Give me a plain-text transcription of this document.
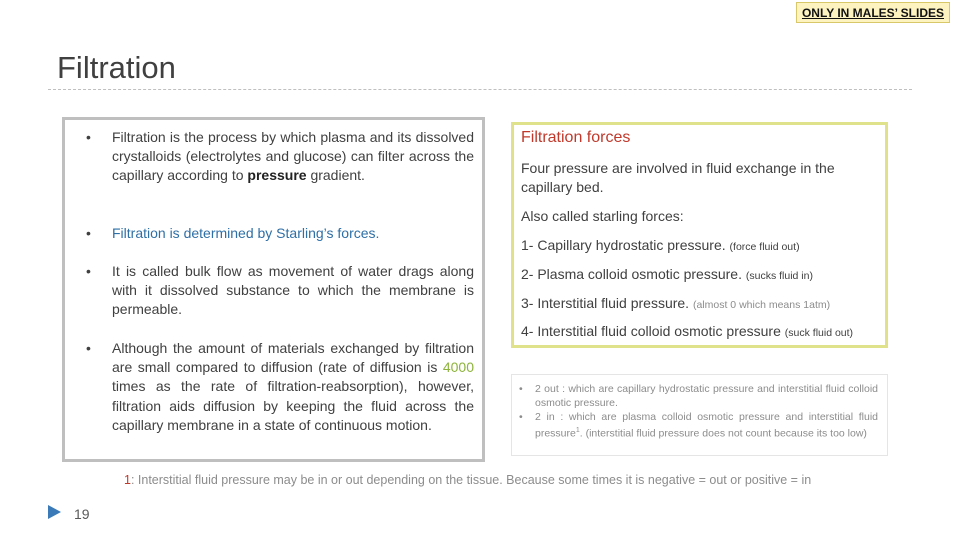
ONLY IN MALES’ SLIDES
Filtration
• Filtration is the process by which plasma and its dissolved crystalloids (electrolytes and glucose) can filter across the capillary according to pressure gradient.
• Filtration is determined by Starling’s forces.
• It is called bulk flow as movement of water drags along with it dissolved substance to which the membrane is permeable.
• Although the amount of materials exchanged by filtration are small compared to diffusion (rate of diffusion is 4000 times as the rate of filtration-reabsorption), however, filtration aids diffusion by keeping the fluid across the capillary membrane in a state of continuous motion.
Filtration forces
Four pressure are involved in fluid exchange in the capillary bed.
Also called starling forces:
1- Capillary hydrostatic pressure. (force fluid out)
2- Plasma colloid osmotic pressure. (sucks fluid in)
3- Interstitial fluid pressure. (almost 0 which means 1atm)
4- Interstitial fluid colloid osmotic pressure (suck fluid out)
•	2 out : which are capillary hydrostatic pressure and interstitial fluid colloid osmotic pressure.
•	2 in : which are plasma colloid osmotic pressure and interstitial fluid pressure$^1$. (interstitial fluid pressure does not count because its too low)
1: Interstitial fluid pressure may be in or out depending on the tissue. Because some times it is negative = out or positive = in
19
